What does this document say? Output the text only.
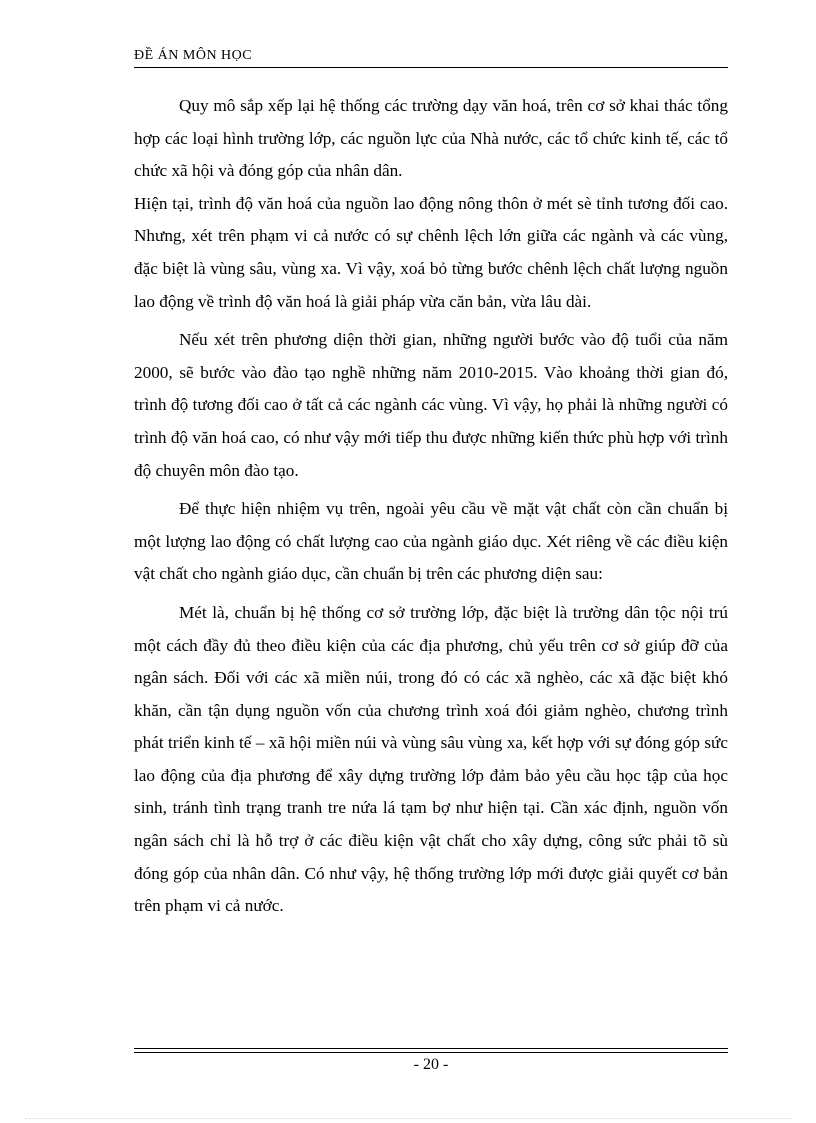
ĐỀ ÁN MÔN HỌC

Quy mô sắp xếp lại hệ thống các trường dạy văn hoá, trên cơ sở khai thác tổng hợp các loại hình trường lớp, các nguồn lực của Nhà nước, các tổ chức kinh tế, các tổ chức xã hội và đóng góp của nhân dân.

Hiện tại, trình độ văn hoá của nguồn lao động nông thôn ở mét sè tỉnh tương đối cao. Nhưng, xét trên phạm vi cả nước có sự chênh lệch lớn giữa các ngành và các vùng, đặc biệt là vùng sâu, vùng xa. Vì vậy, xoá bỏ từng bước chênh lệch chất lượng nguồn lao động về trình độ văn hoá là giải pháp vừa căn bản, vừa lâu dài.

Nếu xét trên phương diện thời gian, những người bước vào độ tuổi của năm 2000, sẽ bước vào đào tạo nghề những năm 2010-2015. Vào khoảng thời gian đó, trình độ tương đối cao ở tất cả các ngành các vùng. Vì vậy, họ phải là những người có trình độ văn hoá cao, có như vậy mới tiếp thu được những kiến thức phù hợp với trình độ chuyên môn đào tạo.

Để thực hiện nhiệm vụ trên, ngoài yêu cầu về mặt vật chất còn cần chuẩn bị một lượng lao động có chất lượng cao của ngành giáo dục. Xét riêng về các điều kiện vật chất cho ngành giáo dục, cần chuẩn bị trên các phương diện sau:

Mét là, chuẩn bị hệ thống cơ sở trường lớp, đặc biệt là trường dân tộc nội trú một cách đầy đủ theo điều kiện của các địa phương, chủ yếu trên cơ sở giúp đỡ của ngân sách. Đối với các xã miền núi, trong đó có các xã nghèo, các xã đặc biệt khó khăn, cần tận dụng nguồn vốn của chương trình xoá đói giảm nghèo, chương trình phát triển kinh tế – xã hội miền núi và vùng sâu vùng xa, kết hợp với sự đóng góp sức lao động của địa phương để xây dựng trường lớp đảm bảo yêu cầu học tập của học sinh, tránh tình trạng tranh tre nứa lá tạm bợ như hiện tại. Cần xác định, nguồn vốn ngân sách chỉ là hỗ trợ ở các điều kiện vật chất cho xây dựng, công sức phải tõ sù đóng góp của nhân dân. Có như vậy, hệ thống trường lớp mới được giải quyết cơ bản trên phạm vi cả nước.

- 20 -
